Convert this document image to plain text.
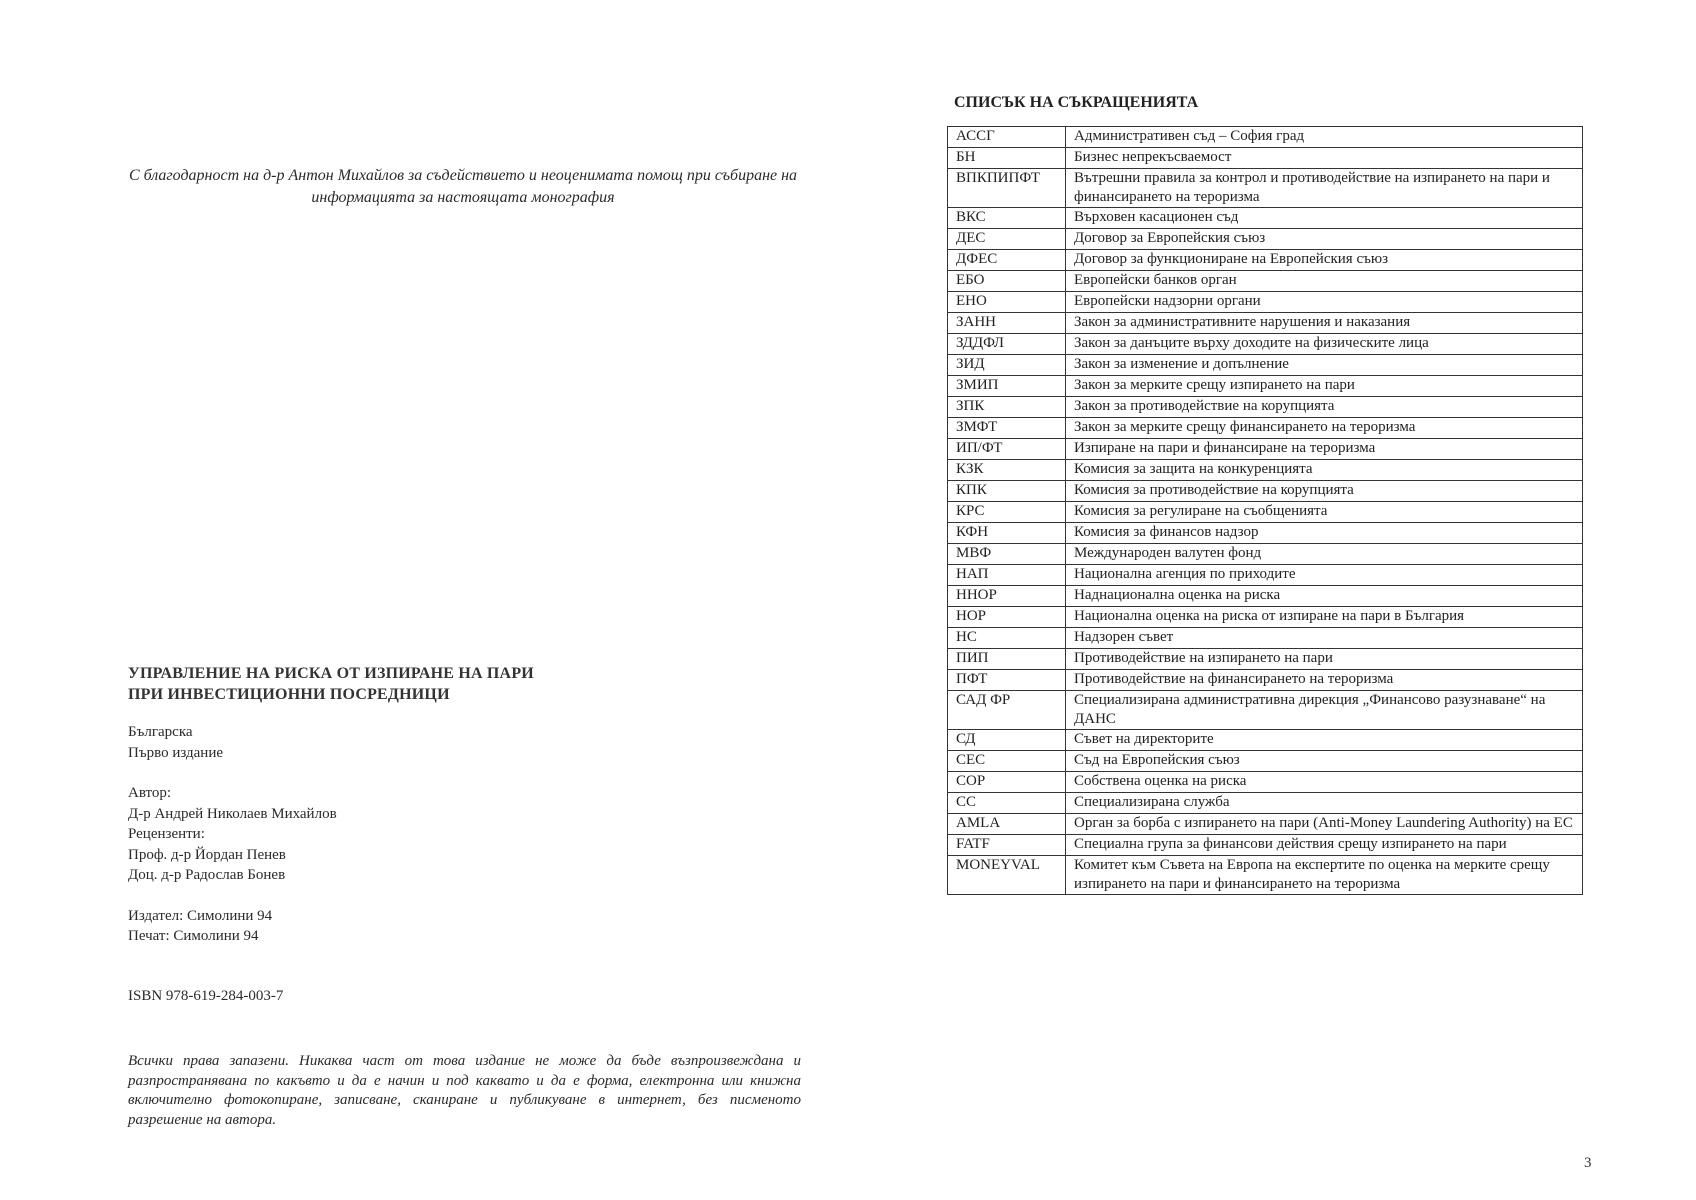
С благодарност на д-р Антон Михайлов за съдействието и неоценимата помощ при събиране на информацията за настоящата монография
УПРАВЛЕНИЕ НА РИСКА ОТ ИЗПИРАНЕ НА ПАРИ
ПРИ ИНВЕСТИЦИОННИ ПОСРЕДНИЦИ
Българска
Първо издание
Автор:
Д-р Андрей Николаев Михайлов
Рецензенти:
Проф. д-р Йордан Пенев
Доц. д-р Радослав Бонев
Издател: Симолини 94
Печат: Симолини 94
ISBN 978-619-284-003-7
Всички права запазени. Никаква част от това издание не може да бъде възпроизвеждана и разпространявана по какъвто и да е начин и под каквато и да е форма, електронна или книжна включително фотокопиране, записване, сканиране и публикуване в интернет, без писменото разрешение на автора.
СПИСЪК НА СЪКРАЩЕНИЯТА
АССГ	Административен съд – София град
БН	Бизнес непрекъсваемост
ВПКПИПФТ	Вътрешни правила за контрол и противодействие на изпирането на пари и финансирането на тероризма
ВКС	Върховен касационен съд
ДЕС	Договор за Европейския съюз
ДФЕС	Договор за функциониране на Европейския съюз
ЕБО	Европейски банков орган
ЕНО	Европейски надзорни органи
ЗАНН	Закон за административните нарушения и наказания
ЗДДФЛ	Закон за данъците върху доходите на физическите лица
ЗИД	Закон за изменение и допълнение
ЗМИП	Закон за мерките срещу изпирането на пари
ЗПК	Закон за противодействие на корупцията
ЗМФТ	Закон за мерките срещу финансирането на тероризма
ИП/ФТ	Изпиране на пари и финансиране на тероризма
КЗК	Комисия за защита на конкуренцията
КПК	Комисия за противодействие на корупцията
КРС	Комисия за регулиране на съобщенията
КФН	Комисия за финансов надзор
МВФ	Международен валутен фонд
НАП	Национална агенция по приходите
ННОР	Наднационална оценка на риска
НОР	Национална оценка на риска от изпиране на пари в България
НС	Надзорен съвет
ПИП	Противодействие на изпирането на пари
ПФТ	Противодействие на финансирането на тероризма
САД ФР	Специализирана административна дирекция „Финансово разузнаване“ на ДАНС
СД	Съвет на директорите
СЕС	Съд на Европейския съюз
СОР	Собствена оценка на риска
СС	Специализирана служба
AMLA	Орган за борба с изпирането на пари (Anti-Money Laundering Authority) на ЕС
FATF	Специална група за финансови действия срещу изпирането на пари
MONEYVAL	Комитет към Съвета на Европа на експертите по оценка на мерките срещу изпирането на пари и финансирането на тероризма
3
